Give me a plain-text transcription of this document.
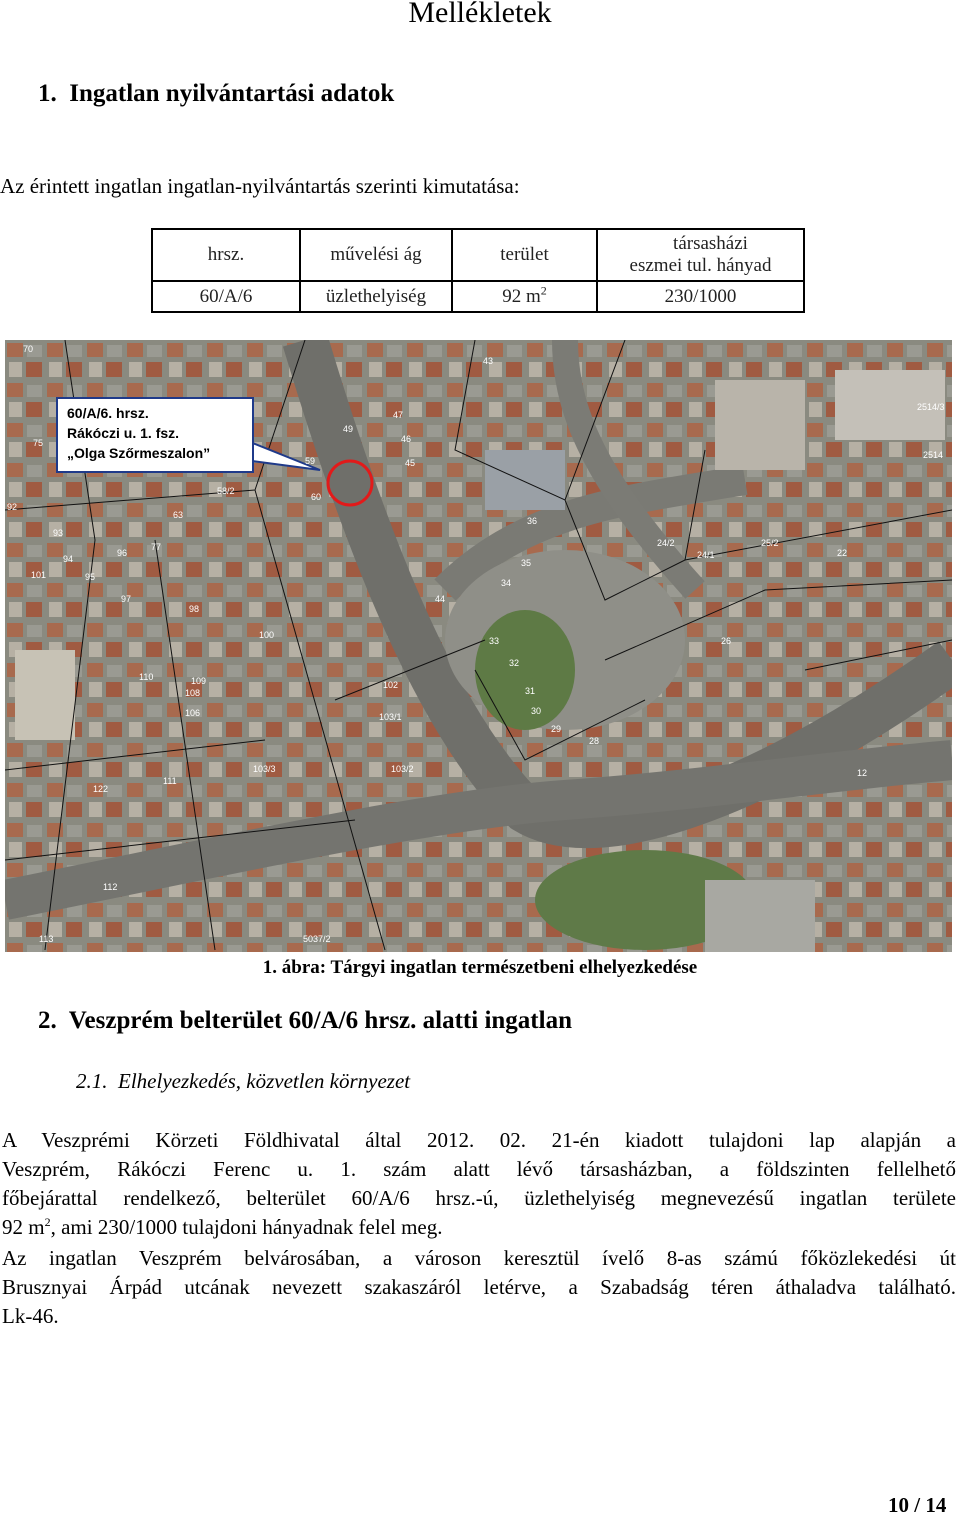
Mellékletek
1.  Ingatlan nyilvántartási adatok
Az érintett ingatlan ingatlan-nyilvántartás szerinti kimutatása:
hrsz.	művelési ág	terület	társasházi
eszmei tul. hányad

60/A/6	üzlethelyiség	92 $m^2$	230/1000
60/A/6. hrsz.
Rákóczi u. 1. fsz.
„Olga Szőrmeszalon”
70
43
47
46
45
49
59
60
75
58/2
63
92
93
94
96
95
77
97
98
101
100
110	109
108
106
102
103/1
103/3	103/2
122
111
112
113	5037/2
44
33
32
31
30
29
28
36
35
34
24/2
24/1
25/2
22
26
2514/3
2514
12
1. ábra: Tárgyi ingatlan természetbeni elhelyezkedése
2.  Veszprém belterület 60/A/6 hrsz. alatti ingatlan
2.1.  Elhelyezkedés, közvetlen környezet
A Veszprémi Körzeti Földhivatal által 2012. 02. 21-én kiadott tulajdoni lap alapján a
Veszprém, Rákóczi Ferenc u. 1. szám alatt lévő társasházban, a földszinten fellelhető
főbejárattal rendelkező, belterület 60/A/6 hrsz.-ú, üzlethelyiség megnevezésű ingatlan területe
92 $m^2$, ami 230/1000 tulajdoni hányadnak felel meg.
Az ingatlan Veszprém belvárosában, a városon keresztül ívelő 8-as számú főközlekedési út
Brusznyai Árpád utcának nevezett szakaszáról letérve, a Szabadság téren áthaladva található.
Lk-46.
10 / 14
